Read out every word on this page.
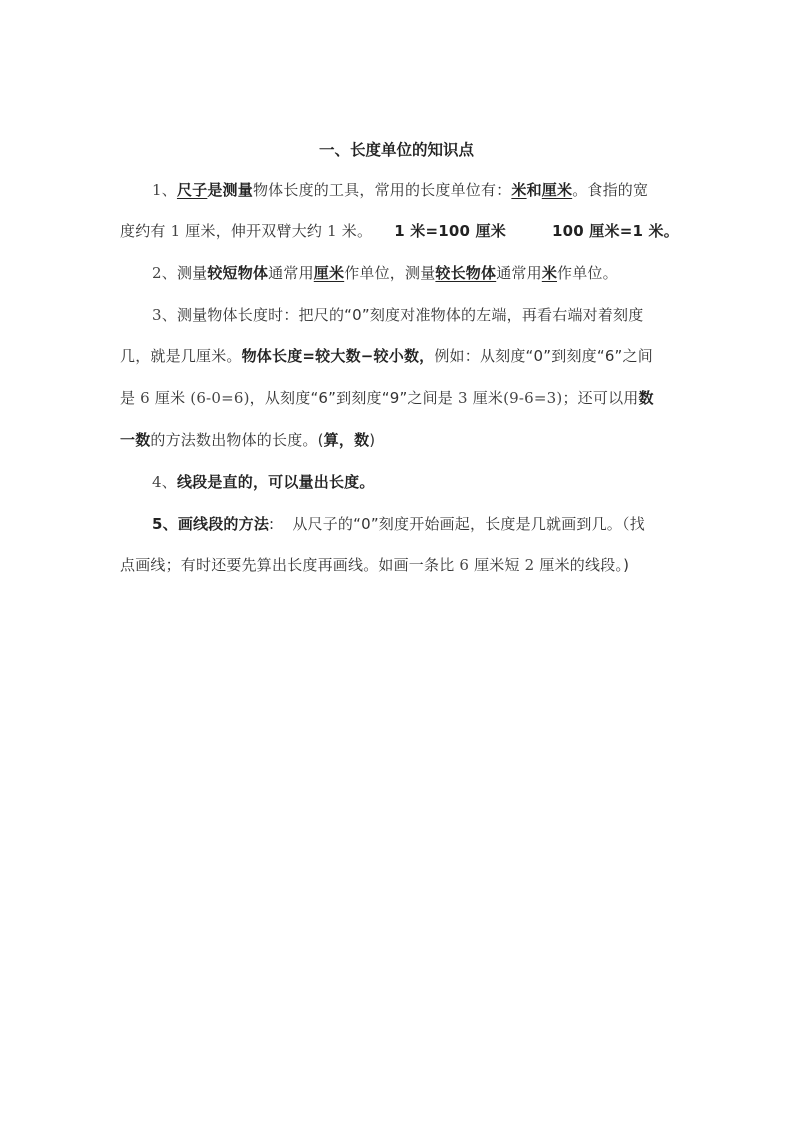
一、长度单位的知识点
1、尺子是测量物体长度的工具，常用的长度单位有：米和厘米。食指的宽
度约有 1 厘米，伸开双臂大约 1 米。 1 米=100 厘米	100 厘米=1 米。
2、测量较短物体通常用厘米作单位，测量较长物体通常用米作单位。
3、测量物体长度时：把尺的“0”刻度对准物体的左端，再看右端对着刻度
几，就是几厘米。物体长度=较大数−较小数，例如：从刻度“0”到刻度“6”之间
是 6 厘米 (6-0=6)，从刻度“6”到刻度“9”之间是 3 厘米(9-6=3)；还可以用数
一数的方法数出物体的长度。(算，数)
4、线段是直的，可以量出长度。
5、画线段的方法: 从尺子的“0”刻度开始画起，长度是几就画到几。（找
点画线；有时还要先算出长度再画线。如画一条比 6 厘米短 2 厘米的线段。)
